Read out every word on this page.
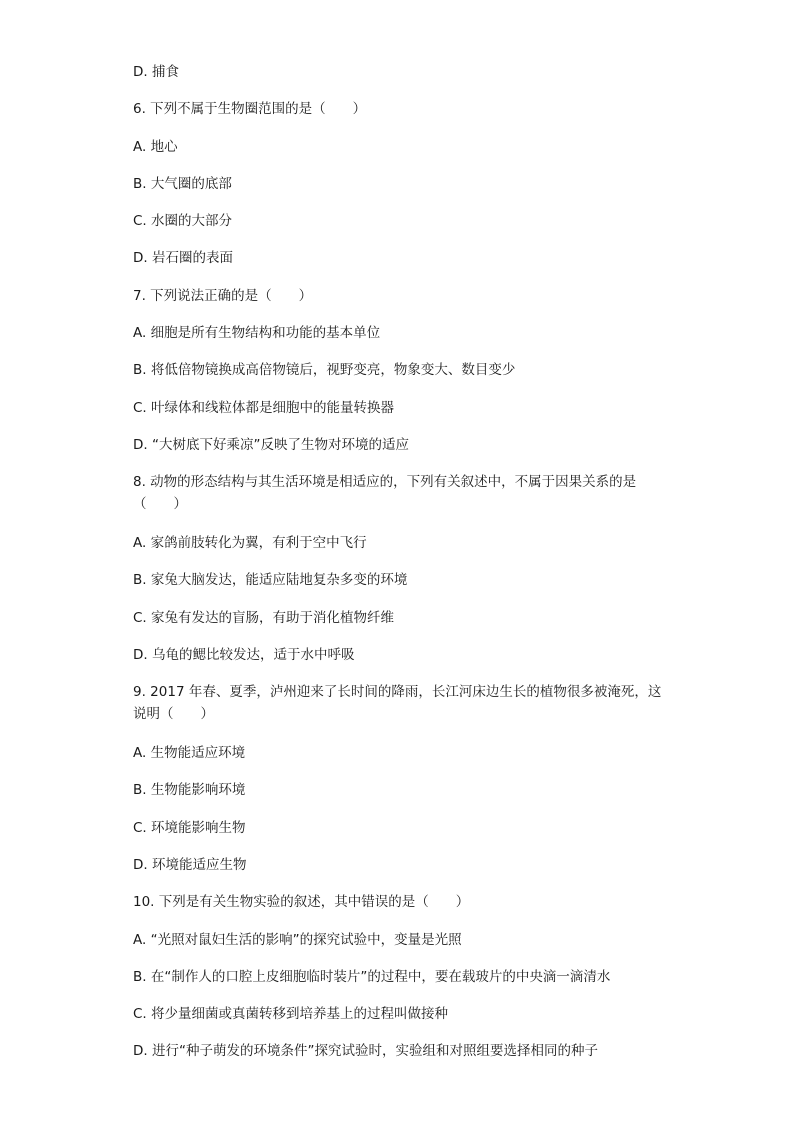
D. 捕食
6. 下列不属于生物圈范围的是（　　）
A. 地心
B. 大气圈的底部
C. 水圈的大部分
D. 岩石圈的表面
7. 下列说法正确的是（　　）
A. 细胞是所有生物结构和功能的基本单位
B. 将低倍物镜换成高倍物镜后，视野变亮，物象变大、数目变少
C. 叶绿体和线粒体都是细胞中的能量转换器
D. “大树底下好乘凉”反映了生物对环境的适应
8. 动物的形态结构与其生活环境是相适应的，下列有关叙述中，不属于因果关系的是（　　）
A. 家鸽前肢转化为翼，有利于空中飞行
B. 家兔大脑发达，能适应陆地复杂多变的环境
C. 家兔有发达的盲肠，有助于消化植物纤维
D. 乌龟的鳃比较发达，适于水中呼吸
9. 2017 年春、夏季，泸州迎来了长时间的降雨，长江河床边生长的植物很多被淹死，这说明（　　）
A. 生物能适应环境
B. 生物能影响环境
C. 环境能影响生物
D. 环境能适应生物
10. 下列是有关生物实验的叙述，其中错误的是（　　）
A. “光照对鼠妇生活的影响”的探究试验中，变量是光照
B. 在“制作人的口腔上皮细胞临时装片”的过程中，要在载玻片的中央滴一滴清水
C. 将少量细菌或真菌转移到培养基上的过程叫做接种
D. 进行“种子萌发的环境条件”探究试验时，实验组和对照组要选择相同的种子
